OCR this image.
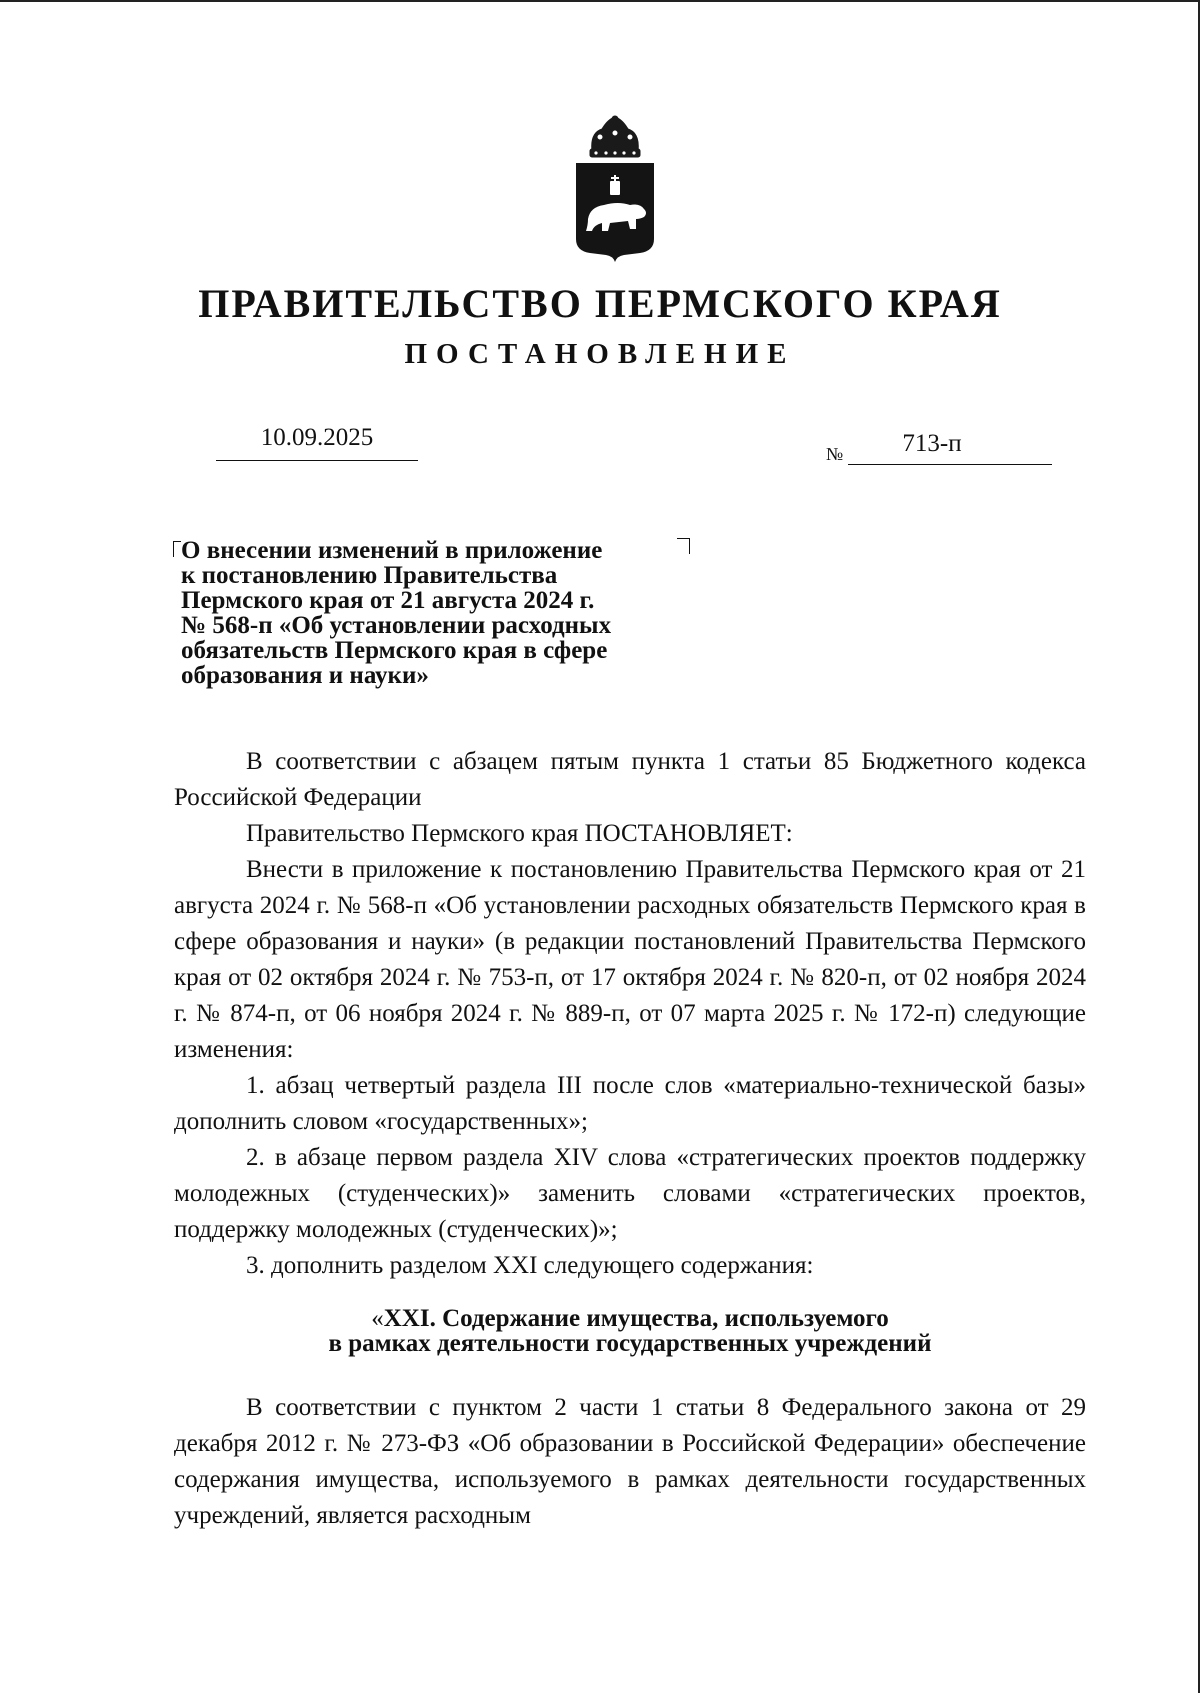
ПРАВИТЕЛЬСТВО ПЕРМСКОГО КРАЯ
ПОСТАНОВЛЕНИЕ
10.09.2025
№	713-п
О внесении изменений в приложение
к постановлению Правительства
Пермского края от 21 августа 2024 г.
№ 568-п «Об установлении расходных
обязательств Пермского края в сфере
образования и науки»

В соответствии с абзацем пятым пункта 1 статьи 85 Бюджетного кодекса Российской Федерации

Правительство Пермского края ПОСТАНОВЛЯЕТ:

Внести в приложение к постановлению Правительства Пермского края от 21 августа 2024 г. № 568-п «Об установлении расходных обязательств Пермского края в сфере образования и науки» (в редакции постановлений Правительства Пермского края от 02 октября 2024 г. № 753-п, от 17 октября 2024 г. № 820-п, от 02 ноября 2024 г. № 874-п, от 06 ноября 2024 г. № 889-п, от 07 марта 2025 г. № 172-п) следующие изменения:

1. абзац четвертый раздела III после слов «материально-технической базы» дополнить словом «государственных»;

2. в абзаце первом раздела XIV слова «стратегических проектов поддержку молодежных (студенческих)» заменить словами «стратегических проектов, поддержку молодежных (студенческих)»;

3. дополнить разделом XXI следующего содержания:

«XXI. Содержание имущества, используемого
в рамках деятельности государственных учреждений

В соответствии с пунктом 2 части 1 статьи 8 Федерального закона от 29 декабря 2012 г. № 273-ФЗ «Об образовании в Российской Федерации» обеспечение содержания имущества, используемого в рамках деятельности государственных учреждений, является расходным
